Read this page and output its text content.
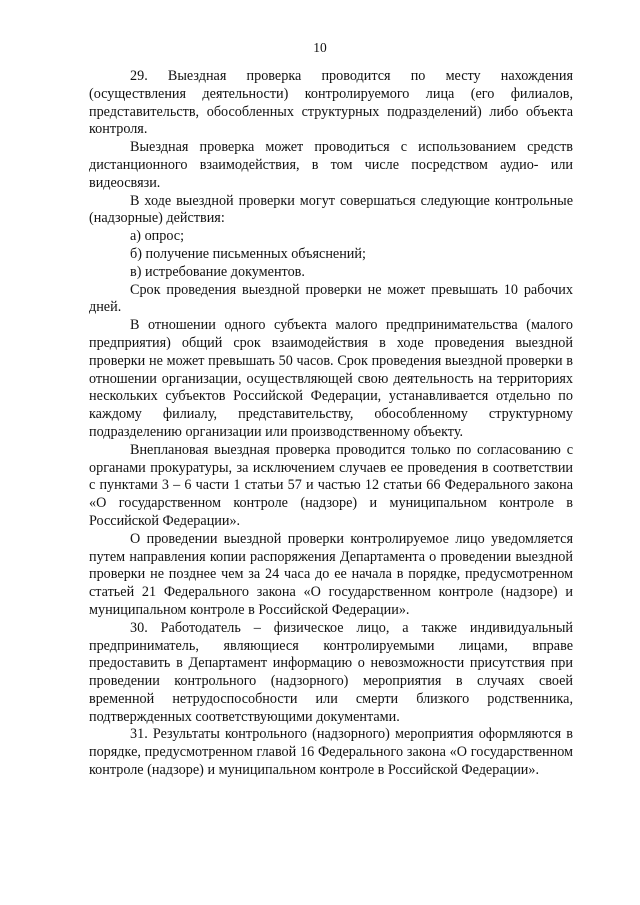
10

29. Выездная проверка проводится по месту нахождения (осуществления деятельности) контролируемого лица (его филиалов, представительств, обособленных структурных подразделений) либо объекта контроля.

Выездная проверка может проводиться с использованием средств дистанционного взаимодействия, в том числе посредством аудио- или видеосвязи.

В ходе выездной проверки могут совершаться следующие контрольные (надзорные) действия:

а) опрос;

б) получение письменных объяснений;

в) истребование документов.

Срок проведения выездной проверки не может превышать 10 рабочих дней.

В отношении одного субъекта малого предпринимательства (малого предприятия) общий срок взаимодействия в ходе проведения выездной проверки не может превышать 50 часов. Срок проведения выездной проверки в отношении организации, осуществляющей свою деятельность на территориях нескольких субъектов Российской Федерации, устанавливается отдельно по каждому филиалу, представительству, обособленному структурному подразделению организации или производственному объекту.

Внеплановая выездная проверка проводится только по согласованию с органами прокуратуры, за исключением случаев ее проведения в соответствии с пунктами 3 – 6 части 1 статьи 57 и частью 12 статьи 66 Федерального закона «О государственном контроле (надзоре) и муниципальном контроле в Российской Федерации».

О проведении выездной проверки контролируемое лицо уведомляется путем направления копии распоряжения Департамента о проведении выездной проверки не позднее чем за 24 часа до ее начала в порядке, предусмотренном статьей 21 Федерального закона «О государственном контроле (надзоре) и муниципальном контроле в Российской Федерации».

30. Работодатель – физическое лицо, а также индивидуальный предприниматель, являющиеся контролируемыми лицами, вправе предоставить в Департамент информацию о невозможности присутствия при проведении контрольного (надзорного) мероприятия в случаях своей временной нетрудоспособности или смерти близкого родственника, подтвержденных соответствующими документами.

31. Результаты контрольного (надзорного) мероприятия оформляются в порядке, предусмотренном главой 16 Федерального закона «О государственном контроле (надзоре) и муниципальном контроле в Российской Федерации».
